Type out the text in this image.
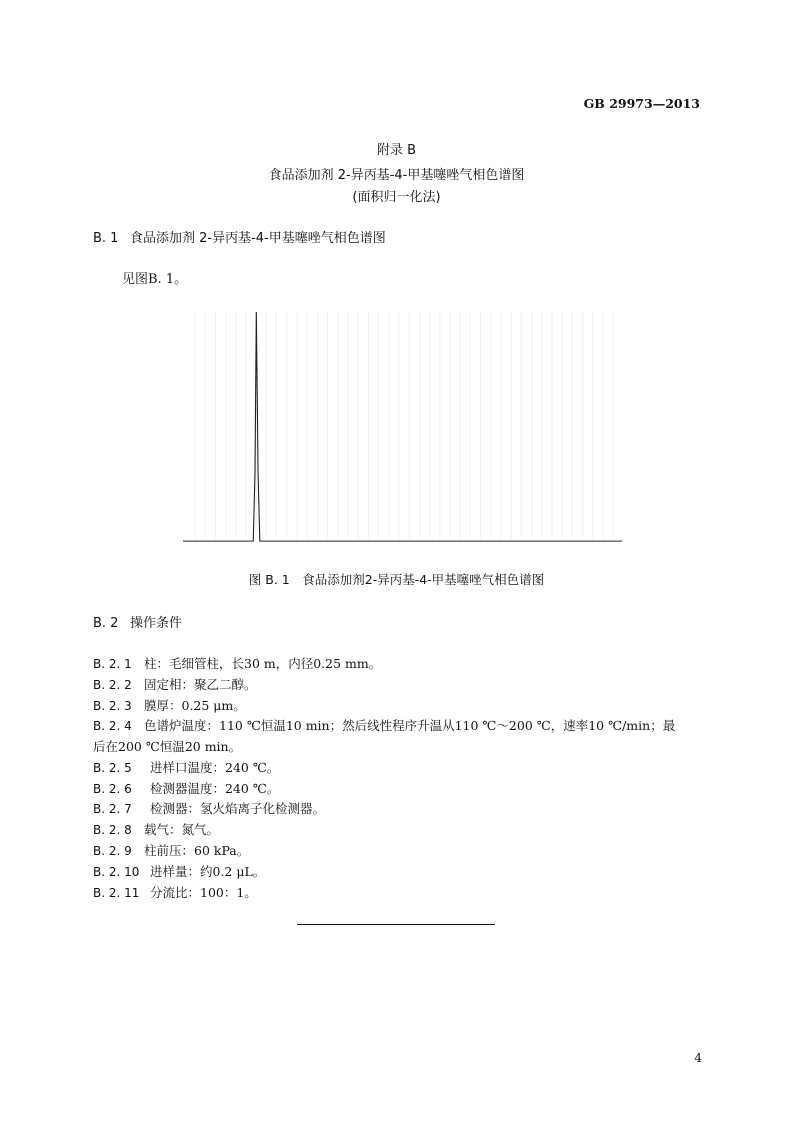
GB 29973—2013
附录 B
食品添加剂 2-异丙基-4-甲基噻唑气相色谱图
(面积归一化法)
B. 1 食品添加剂 2-异丙基-4-甲基噻唑气相色谱图
见图B. 1。
图 B. 1　食品添加剂2-异丙基-4-甲基噻唑气相色谱图
B. 2 操作条件
B. 2. 1 柱：毛细管柱，长30 m，内径0.25 mm。
B. 2. 2 固定相：聚乙二醇。
B. 2. 3 膜厚：0.25 μm。
B. 2. 4 色谱炉温度：110 ℃恒温10 min；然后线性程序升温从110 ℃～200 ℃，速率10 ℃/min；最
后在200 ℃恒温20 min。
B. 2. 5 进样口温度：240 ℃。
B. 2. 6 检测器温度：240 ℃。
B. 2. 7 检测器：氢火焰离子化检测器。
B. 2. 8 载气：氮气。
B. 2. 9 柱前压：60 kPa。
B. 2. 10 进样量：约0.2 μL。
B. 2. 11 分流比：100：1。
4
